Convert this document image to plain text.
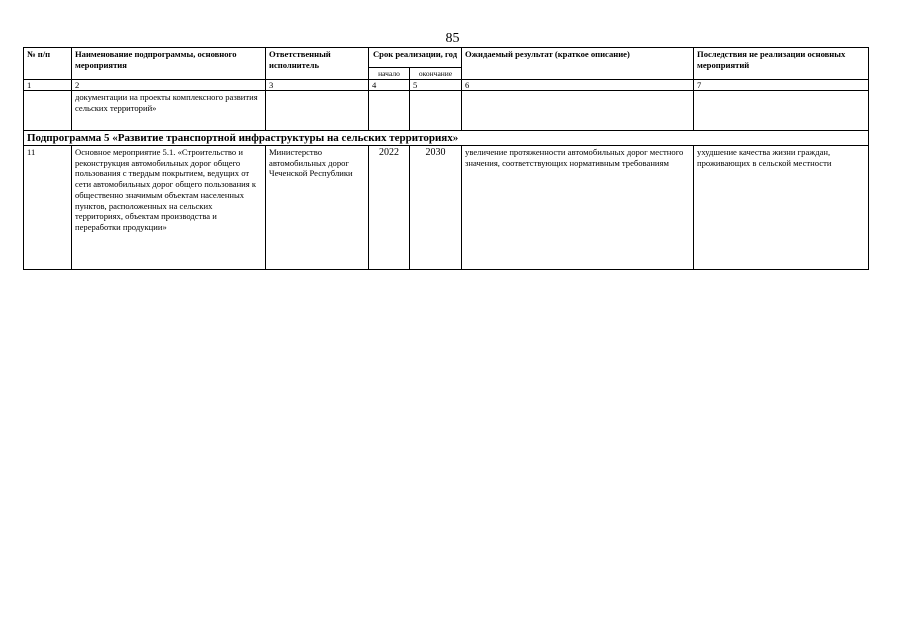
85
№ п/п	Наименование подпрограммы, основного мероприятия	Ответственный исполнитель	Срок реализации, год		Ожидаемый результат (краткое описание)	Последствия не реализации основных мероприятий
			начало	окончание		
1	2	3	4	5	6	7
	документации на проекты комплексного развития сельских территорий»					
Подпрограмма 5 «Развитие транспортной инфраструктуры на сельских территориях»						
11	Основное мероприятие 5.1. «Строительство и реконструкция автомобильных дорог общего пользования с твердым покрытием, ведущих от сети автомобильных дорог общего пользования к общественно значимым объектам населенных пунктов, расположенных на сельских территориях, объектам производства и переработки продукции»	Министерство автомобильных дорог Чеченской Республики	2022	2030	увеличение протяженности автомобильных дорог местного значения, соответствующих нормативным требованиям	ухудшение качества жизни граждан, проживающих в сельской местности
